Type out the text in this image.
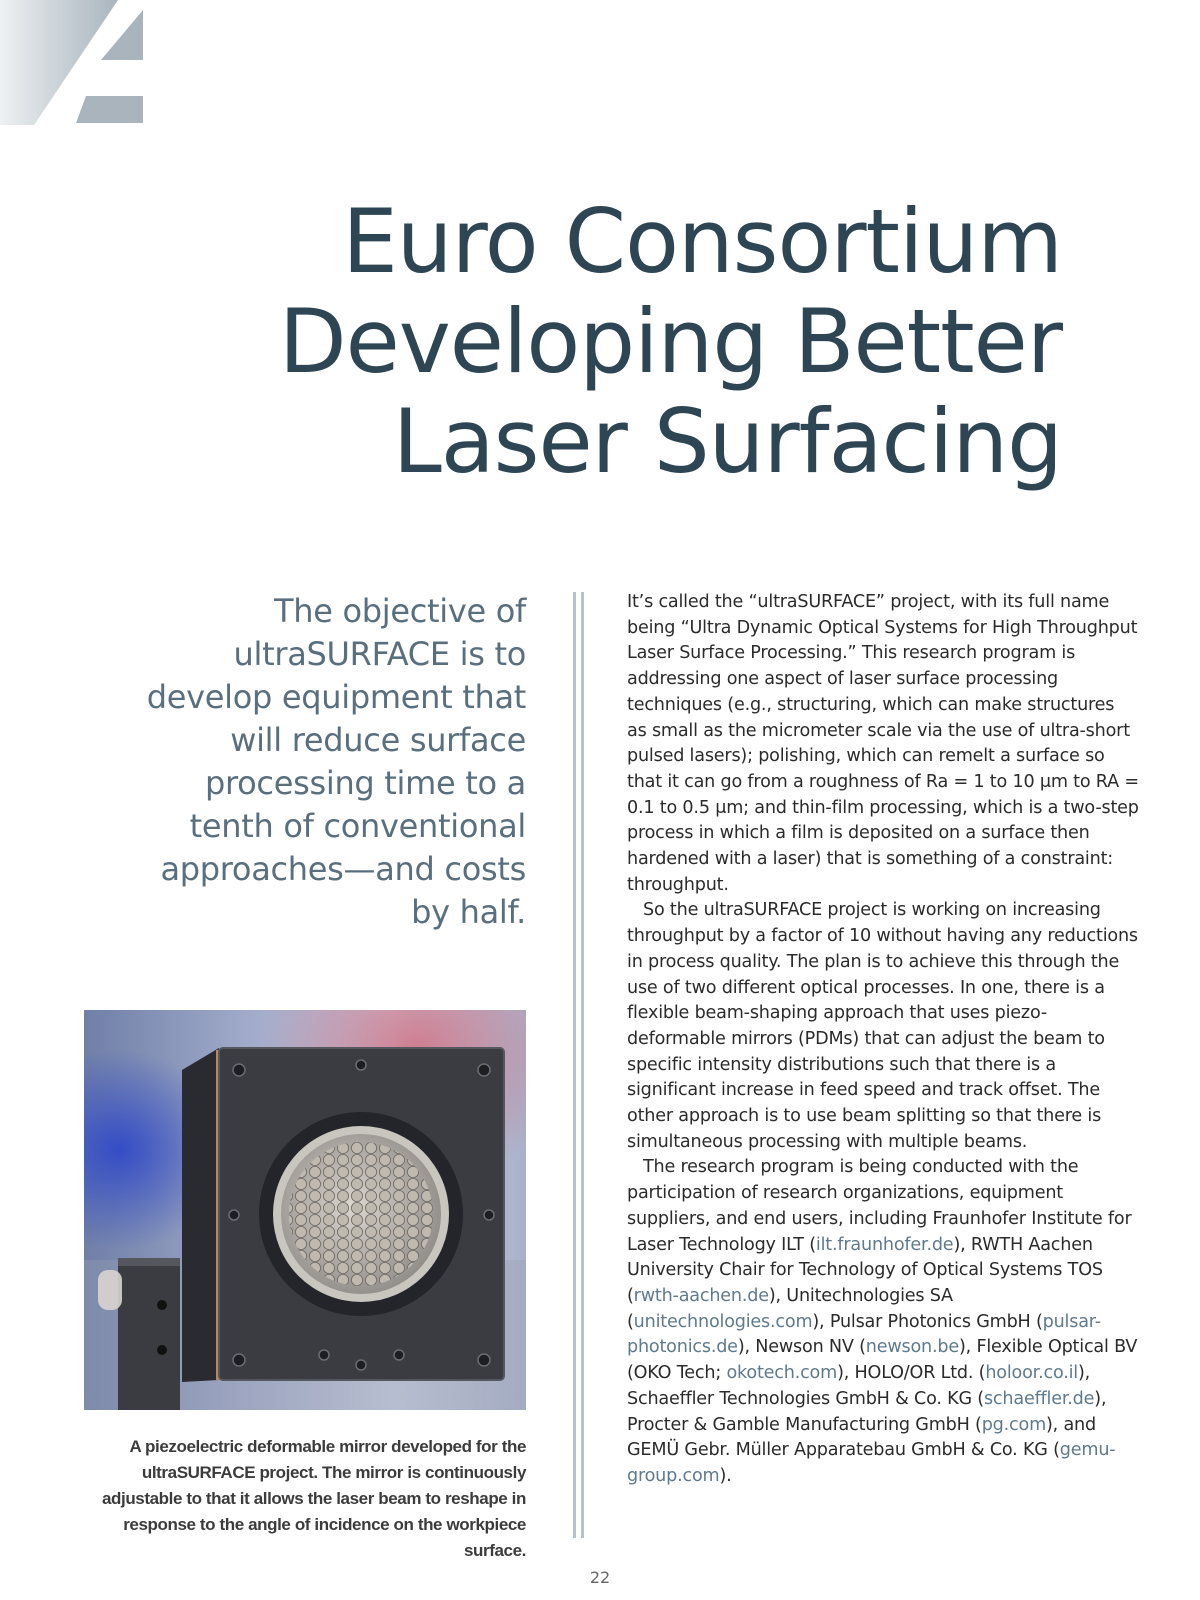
Euro Consortium
Developing Better
Laser Surfacing

The objective of ultraSURFACE is to develop equipment that will reduce surface processing time to a tenth of conventional approaches—and costs by half.

A piezoelectric deformable mirror developed for the ultraSURFACE project. The mirror is continuously adjustable to that it allows the laser beam to reshape in response to the angle of incidence on the workpiece surface.

It’s called the “ultraSURFACE” project, with its full name being “Ultra Dynamic Optical Systems for High Throughput Laser Surface Processing.” This research program is addressing one aspect of laser surface processing techniques (e.g., structuring, which can make structures as small as the micrometer scale via the use of ultra-short pulsed lasers); polishing, which can remelt a surface so that it can go from a roughness of Ra = 1 to 10 μm to RA = 0.1 to 0.5 μm; and thin-film processing, which is a two-step process in which a film is deposited on a surface then hardened with a laser) that is something of a constraint: throughput.

So the ultraSURFACE project is working on increasing throughput by a factor of 10 without having any reductions in process quality. The plan is to achieve this through the use of two different optical processes. In one, there is a flexible beam-shaping approach that uses piezo-deformable mirrors (PDMs) that can adjust the beam to specific intensity distributions such that there is a significant increase in feed speed and track offset. The other approach is to use beam splitting so that there is simultaneous processing with multiple beams.

The research program is being conducted with the participation of research organizations, equipment suppliers, and end users, including Fraunhofer Institute for Laser Technology ILT (ilt.fraunhofer.de), RWTH Aachen University Chair for Technology of Optical Systems TOS (rwth-aachen.de), Unitechnologies SA (unitechnologies.com), Pulsar Photonics GmbH (pulsar-photonics.de), Newson NV (newson.be), Flexible Optical BV (OKO Tech; okotech.com), HOLO/OR Ltd. (holoor.co.il), Schaeffler Technologies GmbH & Co. KG (schaeffler.de), Procter & Gamble Manufacturing GmbH (pg.com), and GEMÜ Gebr. Müller Apparatebau GmbH & Co. KG (gemu-group.com).

22
